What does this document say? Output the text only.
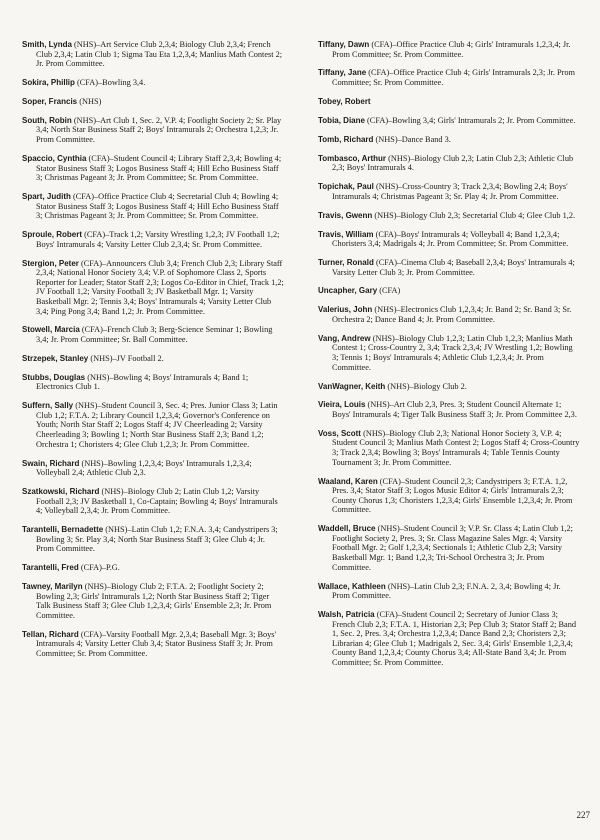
Smith, Lynda (NHS)–Art Service Club 2,3,4; Biology Club 2,3,4; French Club 2,3,4; Latin Club 1; Sigma Tau Eta 1,2,3,4; Manlius Math Contest 2; Jr. Prom Committee.

Sokira, Phillip (CFA)–Bowling 3,4.

Soper, Francis (NHS)

South, Robin (NHS)–Art Club 1, Sec. 2, V.P. 4; Footlight Society 2; Sr. Play 3,4; North Star Business Staff 2; Boys' Intramurals 2; Orchestra 1,2,3; Jr. Prom Committee.

Spaccio, Cynthia (CFA)–Student Council 4; Library Staff 2,3,4; Bowling 4; Stator Business Staff 3; Logos Business Staff 4; Hill Echo Business Staff 3; Christmas Pageant 3; Jr. Prom Committee; Sr. Prom Committee.

Spart, Judith (CFA)–Office Practice Club 4; Secretarial Club 4; Bowling 4; Stator Business Staff 3; Logos Business Staff 4; Hill Echo Business Staff 3; Christmas Pageant 3; Jr. Prom Committee; Sr. Prom Committee.

Sproule, Robert (CFA)–Track 1,2; Varsity Wrestling 1,2,3; JV Football 1,2; Boys' Intramurals 4; Varsity Letter Club 2,3,4; Sr. Prom Committee.

Stergion, Peter (CFA)–Announcers Club 3,4; French Club 2,3; Library Staff 2,3,4; National Honor Society 3,4; V.P. of Sophomore Class 2, Sports Reporter for Leader; Stator Staff 2,3; Logos Co-Editor in Chief, Track 1,2; JV Football 1,2; Varsity Football 3; JV Basketball Mgr. 1; Varsity Basketball Mgr. 2; Tennis 3,4; Boys' Intramurals 4; Varsity Letter Club 3,4; Ping Pong 3,4; Band 1,2; Jr. Prom Committee.

Stowell, Marcia (CFA)–French Club 3; Berg-Science Seminar 1; Bowling 3,4; Jr. Prom Committee; Sr. Ball Committee.

Strzepek, Stanley (NHS)–JV Football 2.

Stubbs, Douglas (NHS)–Bowling 4; Boys' Intramurals 4; Band 1; Electronics Club 1.

Suffern, Sally (NHS)–Student Council 3, Sec. 4; Pres. Junior Class 3; Latin Club 1,2; F.T.A. 2; Library Council 1,2,3,4; Governor's Conference on Youth; North Star Staff 2; Logos Staff 4; JV Cheerleading 2; Varsity Cheerleading 3; Bowling 1; North Star Business Staff 2,3; Band 1,2; Orchestra 1; Choristers 4; Glee Club 1,2,3; Jr. Prom Committee.

Swain, Richard (NHS)–Bowling 1,2,3,4; Boys' Intramurals 1,2,3,4; Volleyball 2,4; Athletic Club 2,3.

Szatkowski, Richard (NHS)–Biology Club 2; Latin Club 1,2; Varsity Football 2,3; JV Basketball 1, Co-Captain; Bowling 4; Boys' Intramurals 4; Volleyball 2,3,4; Jr. Prom Committee.

Tarantelli, Bernadette (NHS)–Latin Club 1,2; F.N.A. 3,4; Candystripers 3; Bowling 3; Sr. Play 3,4; North Star Business Staff 3; Glee Club 4; Jr. Prom Committee.

Tarantelli, Fred (CFA)–P.G.

Tawney, Marilyn (NHS)–Biology Club 2; F.T.A. 2; Footlight Society 2; Bowling 2,3; Girls' Intramurals 1,2; North Star Business Staff 2; Tiger Talk Business Staff 3; Glee Club 1,2,3,4; Girls' Ensemble 2,3; Jr. Prom Committee.

Tellan, Richard (CFA)–Varsity Football Mgr. 2,3,4; Baseball Mgr. 3; Boys' Intramurals 4; Varsity Letter Club 3,4; Stator Business Staff 3; Jr. Prom Committee; Sr. Prom Committee.

Tiffany, Dawn (CFA)–Office Practice Club 4; Girls' Intramurals 1,2,3,4; Jr. Prom Committee; Sr. Prom Committee.

Tiffany, Jane (CFA)–Office Practice Club 4; Girls' Intramurals 2,3; Jr. Prom Committee; Sr. Prom Committee.

Tobey, Robert

Tobia, Diane (CFA)–Bowling 3,4; Girls' Intramurals 2; Jr. Prom Committee.

Tomb, Richard (NHS)–Dance Band 3.

Tombasco, Arthur (NHS)–Biology Club 2,3; Latin Club 2,3; Athletic Club 2,3; Boys' Intramurals 4.

Topichak, Paul (NHS)–Cross-Country 3; Track 2,3,4; Bowling 2,4; Boys' Intramurals 4; Christmas Pageant 3; Sr. Play 4; Jr. Prom Committee.

Travis, Gwenn (NHS)–Biology Club 2,3; Secretarial Club 4; Glee Club 1,2.

Travis, William (CFA)–Boys' Intramurals 4; Volleyball 4; Band 1,2,3,4; Choristers 3,4; Madrigals 4; Jr. Prom Committee; Sr. Prom Committee.

Turner, Ronald (CFA)–Cinema Club 4; Baseball 2,3,4; Boys' Intramurals 4; Varsity Letter Club 3; Jr. Prom Committee.

Uncapher, Gary (CFA)

Valerius, John (NHS)–Electronics Club 1,2,3,4; Jr. Band 2; Sr. Band 3; Sr. Orchestra 2; Dance Band 4; Jr. Prom Committee.

Vang, Andrew (NHS)–Biology Club 1,2,3; Latin Club 1,2,3; Manlius Math Contest 1; Cross-Country 2, 3,4; Track 2,3,4; JV Wrestling 1,2; Bowling 3; Tennis 1; Boys' Intramurals 4; Athletic Club 1,2,3,4; Jr. Prom Committee.

VanWagner, Keith (NHS)–Biology Club 2.

Vieira, Louis (NHS)–Art Club 2,3, Pres. 3; Student Council Alternate 1; Boys' Intramurals 4; Tiger Talk Business Staff 3; Jr. Prom Committee 2,3.

Voss, Scott (NHS)–Biology Club 2,3; National Honor Society 3, V.P. 4; Student Council 3; Manlius Math Contest 2; Logos Staff 4; Cross-Country 3; Track 2,3,4; Bowling 3; Boys' Intramurals 4; Table Tennis County Tournament 3; Jr. Prom Committee.

Waaland, Karen (CFA)–Student Council 2,3; Candystripers 3; F.T.A. 1,2, Pres. 3,4; Stator Staff 3; Logos Music Editor 4; Girls' Intramurals 2,3; County Chorus 1,3; Choristers 1,2,3,4; Girls' Ensemble 1,2,3,4; Jr. Prom Committee.

Waddell, Bruce (NHS)–Student Council 3; V.P. Sr. Class 4; Latin Club 1,2; Footlight Society 2, Pres. 3; Sr. Class Magazine Sales Mgr. 4; Varsity Football Mgr. 2; Golf 1,2,3,4; Sectionals 1; Athletic Club 2,3; Varsity Basketball Mgr. 1; Band 1,2,3; Tri-School Orchestra 3; Jr. Prom Committee.

Wallace, Kathleen (NHS)–Latin Club 2,3; F.N.A. 2, 3,4; Bowling 4; Jr. Prom Committee.

Walsh, Patricia (CFA)–Student Council 2; Secretary of Junior Class 3; French Club 2,3; F.T.A. 1, Historian 2,3; Pep Club 3; Stator Staff 2; Band 1, Sec. 2, Pres. 3,4; Orchestra 1,2,3,4; Dance Band 2,3; Choristers 2,3; Librarian 4; Glee Club 1; Madrigals 2, Sec. 3,4; Girls' Ensemble 1,2,3,4; County Band 1,2,3,4; County Chorus 3,4; All-State Band 3,4; Jr. Prom Committee; Sr. Prom Committee.

227
